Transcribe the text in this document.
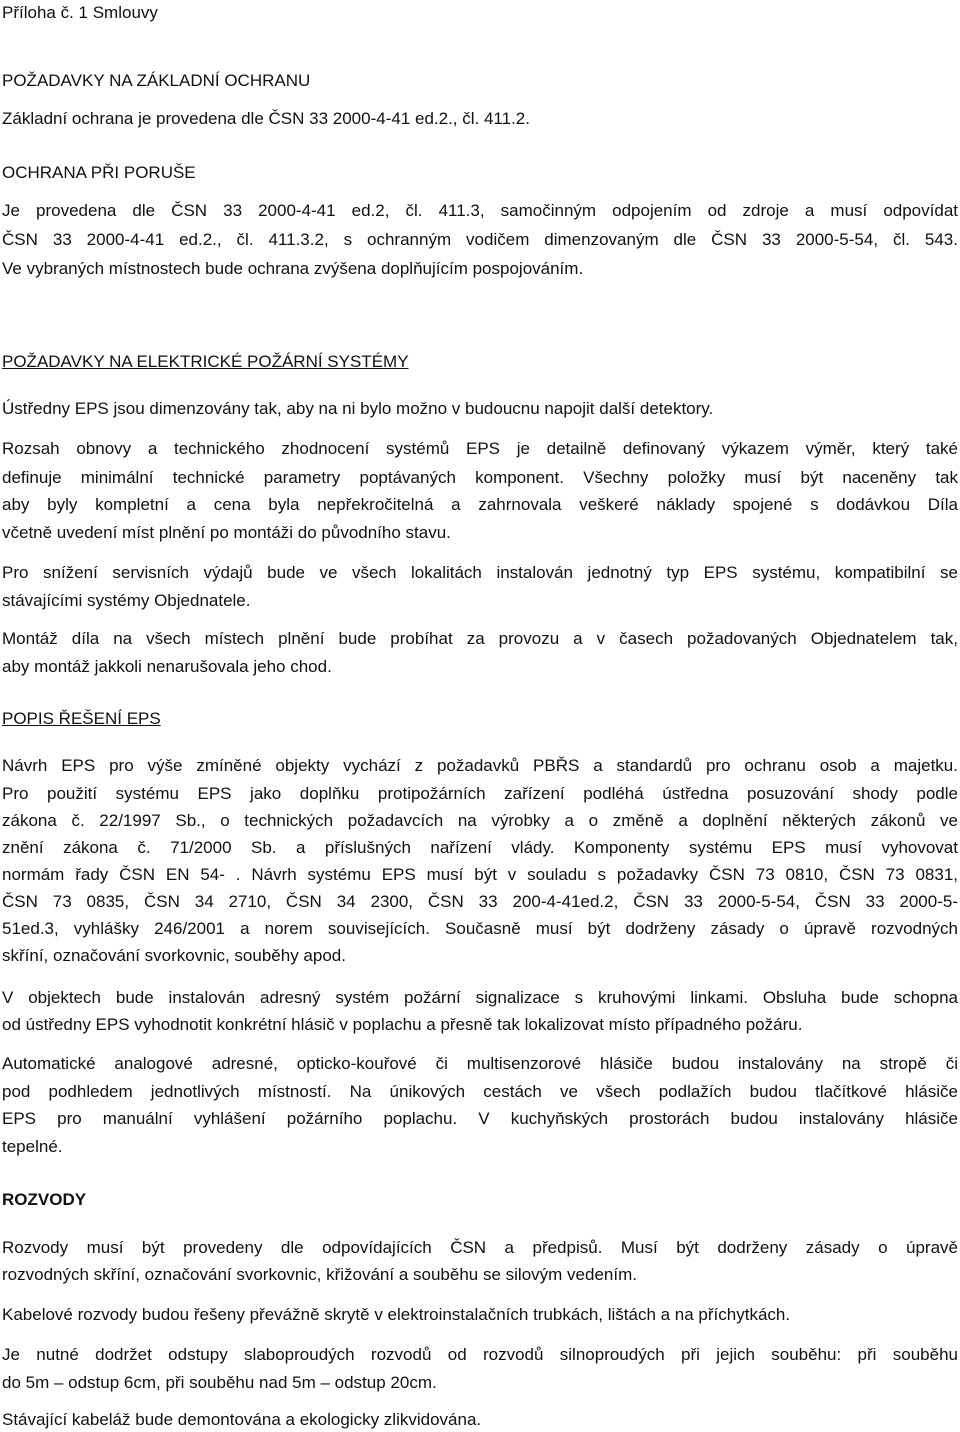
Příloha č. 1 Smlouvy
POŽADAVKY NA ZÁKLADNÍ OCHRANU
Základní ochrana je provedena dle ČSN 33 2000-4-41 ed.2., čl. 411.2.
OCHRANA PŘI PORUŠE
Je provedena dle ČSN 33 2000-4-41 ed.2, čl. 411.3, samočinným odpojením od zdroje a musí odpovídat
ČSN 33 2000-4-41 ed.2., čl. 411.3.2, s ochranným vodičem dimenzovaným dle ČSN 33 2000-5-54, čl. 543.
Ve vybraných místnostech bude ochrana zvýšena doplňujícím pospojováním.
POŽADAVKY NA ELEKTRICKÉ POŽÁRNÍ SYSTÉMY
Ústředny EPS jsou dimenzovány tak, aby na ni bylo možno v budoucnu napojit další detektory.
Rozsah obnovy a technického zhodnocení systémů EPS je detailně definovaný výkazem výměr, který také
definuje minimální technické parametry poptávaných komponent. Všechny položky musí být naceněny tak
aby byly kompletní a cena byla nepřekročitelná a zahrnovala veškeré náklady spojené s dodávkou Díla
včetně uvedení míst plnění po montáži do původního stavu.
Pro snížení servisních výdajů bude ve všech lokalitách instalován jednotný typ EPS systému, kompatibilní se
stávajícími systémy Objednatele.
Montáž díla na všech místech plnění bude probíhat za provozu a v časech požadovaných Objednatelem tak,
aby montáž jakkoli nenarušovala jeho chod.
POPIS ŘEŠENÍ EPS
Návrh EPS pro výše zmíněné objekty vychází z požadavků PBŘS a standardů pro ochranu osob a majetku.
Pro použití systému EPS jako doplňku protipožárních zařízení podléhá ústředna posuzování shody podle
zákona č. 22/1997 Sb., o technických požadavcích na výrobky a o změně a doplnění některých zákonů ve
znění zákona č. 71/2000 Sb. a příslušných nařízení vlády. Komponenty systému EPS musí vyhovovat
normám řady ČSN EN 54- . Návrh systému EPS musí být v souladu s požadavky ČSN 73 0810, ČSN 73 0831,
ČSN 73 0835, ČSN 34 2710, ČSN 34 2300, ČSN 33 200-4-41ed.2, ČSN 33 2000-5-54, ČSN 33 2000-5-
51ed.3, vyhlášky 246/2001 a norem souvisejících. Současně musí být dodrženy zásady o úpravě rozvodných
skříní, označování svorkovnic, souběhy apod.
V objektech bude instalován adresný systém požární signalizace s kruhovými linkami. Obsluha bude schopna
od ústředny EPS vyhodnotit konkrétní hlásič v poplachu a přesně tak lokalizovat místo případného požáru.
Automatické analogové adresné, opticko-kouřové či multisenzorové hlásiče budou instalovány na stropě či
pod podhledem jednotlivých místností. Na únikových cestách ve všech podlažích budou tlačítkové hlásiče
EPS pro manuální vyhlášení požárního poplachu. V kuchyňských prostorách budou instalovány hlásiče
tepelné.
ROZVODY
Rozvody musí být provedeny dle odpovídajících ČSN a předpisů. Musí být dodrženy zásady o úpravě
rozvodných skříní, označování svorkovnic, křižování a souběhu se silovým vedením.
Kabelové rozvody budou řešeny převážně skrytě v elektroinstalačních trubkách, lištách a na příchytkách.
Je nutné dodržet odstupy slaboproudých rozvodů od rozvodů silnoproudých při jejich souběhu: při souběhu
do 5m – odstup 6cm, při souběhu nad 5m – odstup 20cm.
Stávající kabeláž bude demontována a ekologicky zlikvidována.
